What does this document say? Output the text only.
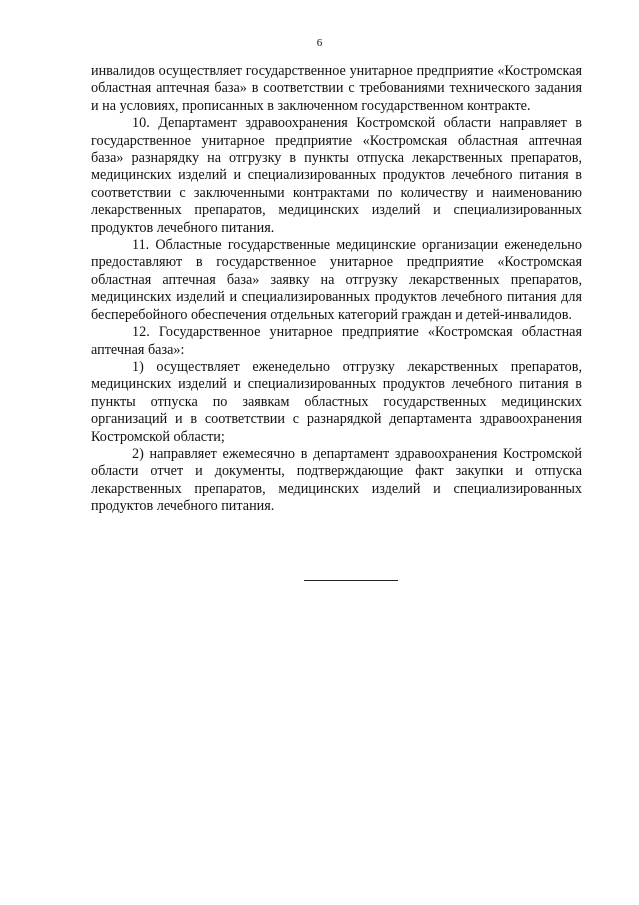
6

инвалидов осуществляет государственное унитарное предприятие «Костромская областная аптечная база» в соответствии с требованиями технического задания и на условиях, прописанных в заключенном государственном контракте.

10. Департамент здравоохранения Костромской области направляет в государственное унитарное предприятие «Костромская областная аптечная база» разнарядку на отгрузку в пункты отпуска лекарственных препаратов, медицинских изделий и специализированных продуктов лечебного питания в соответствии с заключенными контрактами по количеству и наименованию лекарственных препаратов, медицинских изделий и специализированных продуктов лечебного питания.

11. Областные государственные медицинские организации еженедельно предоставляют в государственное унитарное предприятие «Костромская областная аптечная база» заявку на отгрузку лекарственных препаратов, медицинских изделий и специализированных продуктов лечебного питания для бесперебойного обеспечения отдельных категорий граждан и детей-инвалидов.

12. Государственное унитарное предприятие «Костромская областная аптечная база»:

1) осуществляет еженедельно отгрузку лекарственных препаратов, медицинских изделий и специализированных продуктов лечебного питания в пункты отпуска по заявкам областных государственных медицинских организаций и в соответствии с разнарядкой департамента здравоохранения Костромской области;

2) направляет ежемесячно в департамент здравоохранения Костромской области отчет и документы, подтверждающие факт закупки и отпуска лекарственных препаратов, медицинских изделий и специализированных продуктов лечебного питания.
